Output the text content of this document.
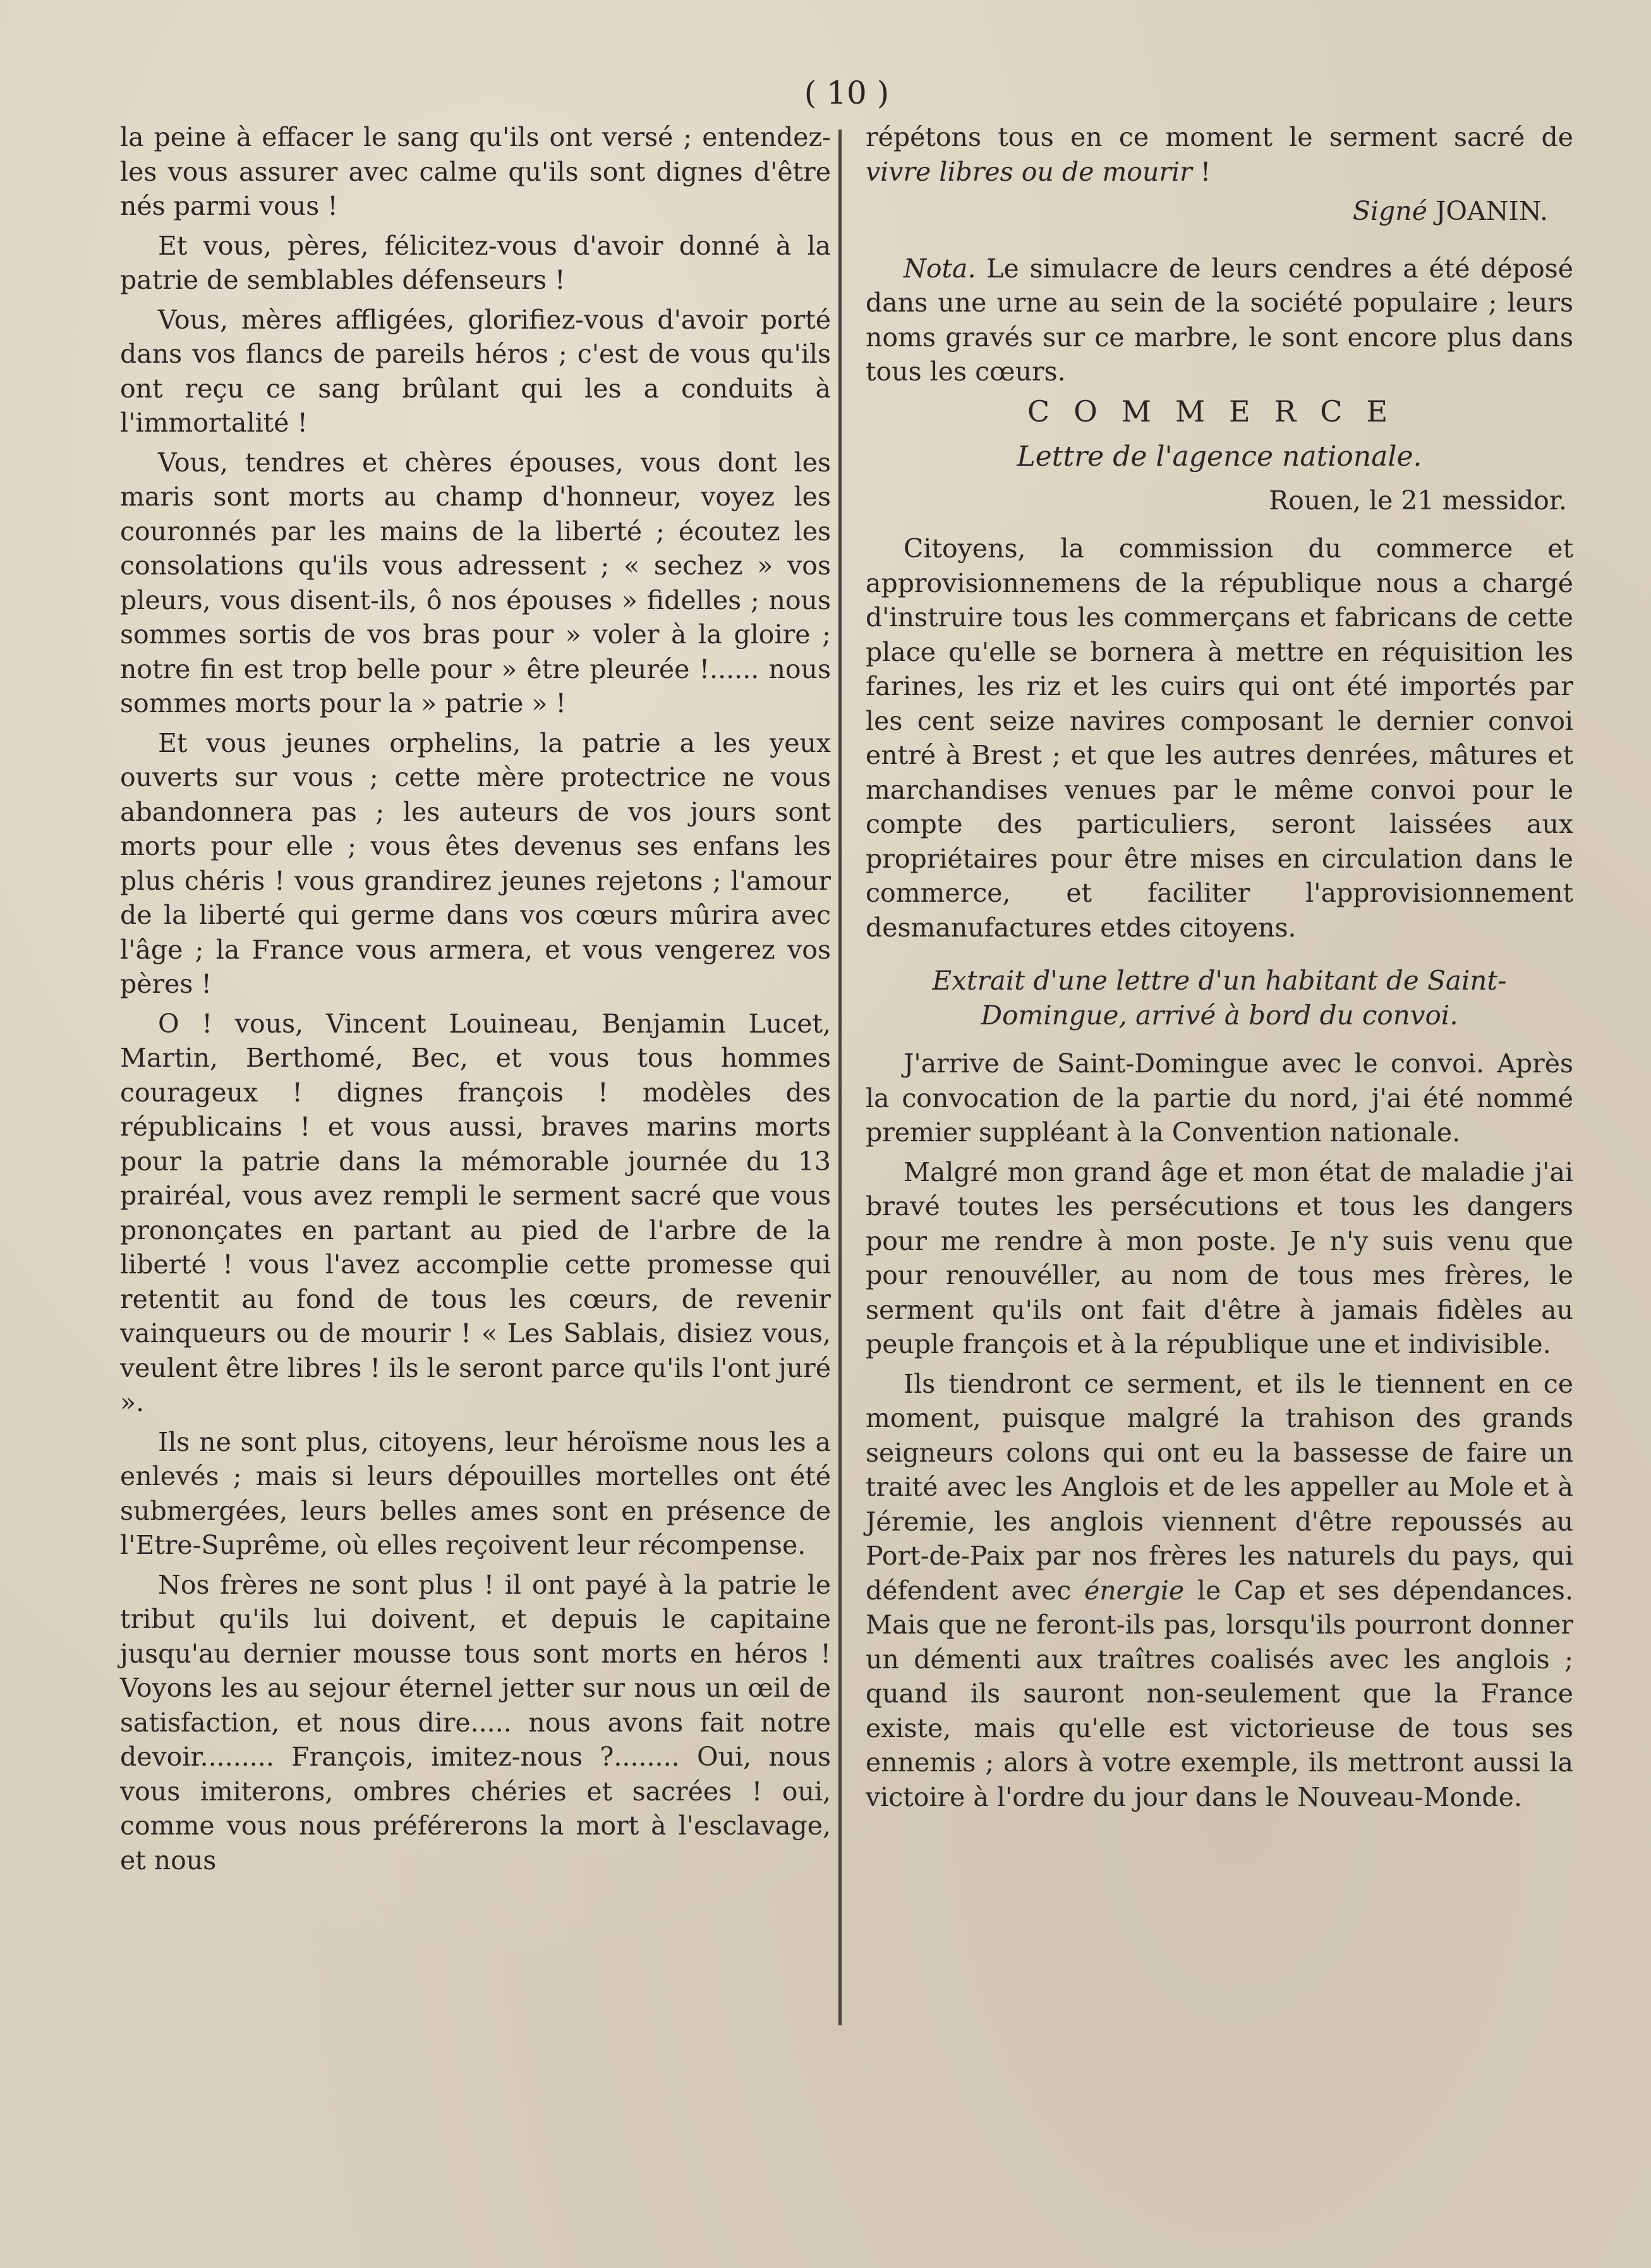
( 10 )

la peine à effacer le sang qu'ils ont versé ; entendez-les vous assurer avec calme qu'ils sont dignes d'être nés parmi vous !

Et vous, pères, félicitez-vous d'avoir donné à la patrie de semblables défenseurs !

Vous, mères affligées, glorifiez-vous d'avoir porté dans vos flancs de pareils héros ; c'est de vous qu'ils ont reçu ce sang brûlant qui les a conduits à l'immortalité !

Vous, tendres et chères épouses, vous dont les maris sont morts au champ d'honneur, voyez les couronnés par les mains de la liberté ; écoutez les consolations qu'ils vous adressent ; « sechez » vos pleurs, vous disent-ils, ô nos épouses » fidelles ; nous sommes sortis de vos bras pour » voler à la gloire ; notre fin est trop belle pour » être pleurée !...... nous sommes morts pour la » patrie » !

Et vous jeunes orphelins, la patrie a les yeux ouverts sur vous ; cette mère protectrice ne vous abandonnera pas ; les auteurs de vos jours sont morts pour elle ; vous êtes devenus ses enfans les plus chéris ! vous grandirez jeunes rejetons ; l'amour de la liberté qui germe dans vos cœurs mûrira avec l'âge ; la France vous armera, et vous vengerez vos pères !

O ! vous, Vincent Louineau, Benjamin Lucet, Martin, Berthomé, Bec, et vous tous hommes courageux ! dignes françois ! modèles des républicains ! et vous aussi, braves marins morts pour la patrie dans la mémorable journée du 13 prairéal, vous avez rempli le serment sacré que vous prononçates en partant au pied de l'arbre de la liberté ! vous l'avez accomplie cette promesse qui retentit au fond de tous les cœurs, de revenir vainqueurs ou de mourir ! « Les Sablais, disiez vous, veulent être libres ! ils le seront parce qu'ils l'ont juré ».

Ils ne sont plus, citoyens, leur héroïsme nous les a enlevés ; mais si leurs dépouilles mortelles ont été submergées, leurs belles ames sont en présence de l'Etre-Suprême, où elles reçoivent leur récompense.

Nos frères ne sont plus ! il ont payé à la patrie le tribut qu'ils lui doivent, et depuis le capitaine jusqu'au dernier mousse tous sont morts en héros ! Voyons les au sejour éternel jetter sur nous un œil de satisfaction, et nous dire..... nous avons fait notre devoir......... François, imitez-nous ?........ Oui, nous vous imiterons, ombres chéries et sacrées ! oui, comme vous nous préférerons la mort à l'esclavage, et nous

répétons tous en ce moment le serment sacré de vivre libres ou de mourir !

Signé JOANIN.

Nota. Le simulacre de leurs cendres a été déposé dans une urne au sein de la société populaire ; leurs noms gravés sur ce marbre, le sont encore plus dans tous les cœurs.

COMMERCE
Lettre de l'agence nationale.
Rouen, le 21 messidor.

Citoyens, la commission du commerce et approvisionnemens de la république nous a chargé d'instruire tous les commerçans et fabricans de cette place qu'elle se bornera à mettre en réquisition les farines, les riz et les cuirs qui ont été importés par les cent seize navires composant le dernier convoi entré à Brest ; et que les autres denrées, mâtures et marchandises venues par le même convoi pour le compte des particuliers, seront laissées aux propriétaires pour être mises en circulation dans le commerce, et faciliter l'approvisionnement desmanufactures etdes citoyens.

Extrait d'une lettre d'un habitant de Saint-Domingue, arrivé à bord du convoi.

J'arrive de Saint-Domingue avec le convoi. Après la convocation de la partie du nord, j'ai été nommé premier suppléant à la Convention nationale.

Malgré mon grand âge et mon état de maladie j'ai bravé toutes les persécutions et tous les dangers pour me rendre à mon poste. Je n'y suis venu que pour renouvéller, au nom de tous mes frères, le serment qu'ils ont fait d'être à jamais fidèles au peuple françois et à la république une et indivisible.

Ils tiendront ce serment, et ils le tiennent en ce moment, puisque malgré la trahison des grands seigneurs colons qui ont eu la bassesse de faire un traité avec les Anglois et de les appeller au Mole et à Jéremie, les anglois viennent d'être repoussés au Port-de-Paix par nos frères les naturels du pays, qui défendent avec énergie le Cap et ses dépendances. Mais que ne feront-ils pas, lorsqu'ils pourront donner un démenti aux traîtres coalisés avec les anglois ; quand ils sauront non-seulement que la France existe, mais qu'elle est victorieuse de tous ses ennemis ; alors à votre exemple, ils mettront aussi la victoire à l'ordre du jour dans le Nouveau-Monde.
